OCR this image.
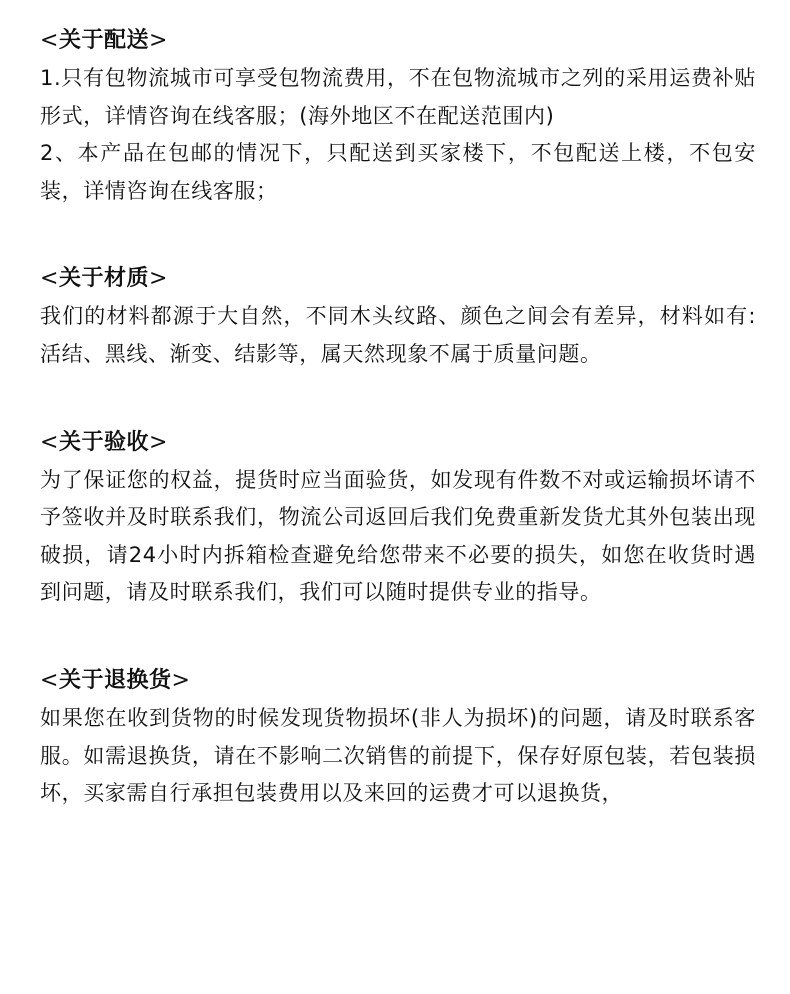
<关于配送>

1.只有包物流城市可享受包物流费用，不在包物流城市之列的采用运费补贴形式，详情咨询在线客服；(海外地区不在配送范围内)

2、本产品在包邮的情况下，只配送到买家楼下，不包配送上楼，不包安装，详情咨询在线客服；

<关于材质>

我们的材料都源于大自然，不同木头纹路、颜色之间会有差异，材料如有:活结、黑线、渐变、结影等，属天然现象不属于质量问题。

<关于验收>

为了保证您的权益，提货时应当面验货，如发现有件数不对或运输损坏请不予签收并及时联系我们，物流公司返回后我们免费重新发货尤其外包装出现破损，请24小时内拆箱检查避免给您带来不必要的损失，如您在收货时遇到问题，请及时联系我们，我们可以随时提供专业的指导。

<关于退换货>

如果您在收到货物的时候发现货物损坏(非人为损坏)的问题，请及时联系客服。如需退换货，请在不影响二次销售的前提下，保存好原包装，若包装损坏，买家需自行承担包装费用以及来回的运费才可以退换货，
